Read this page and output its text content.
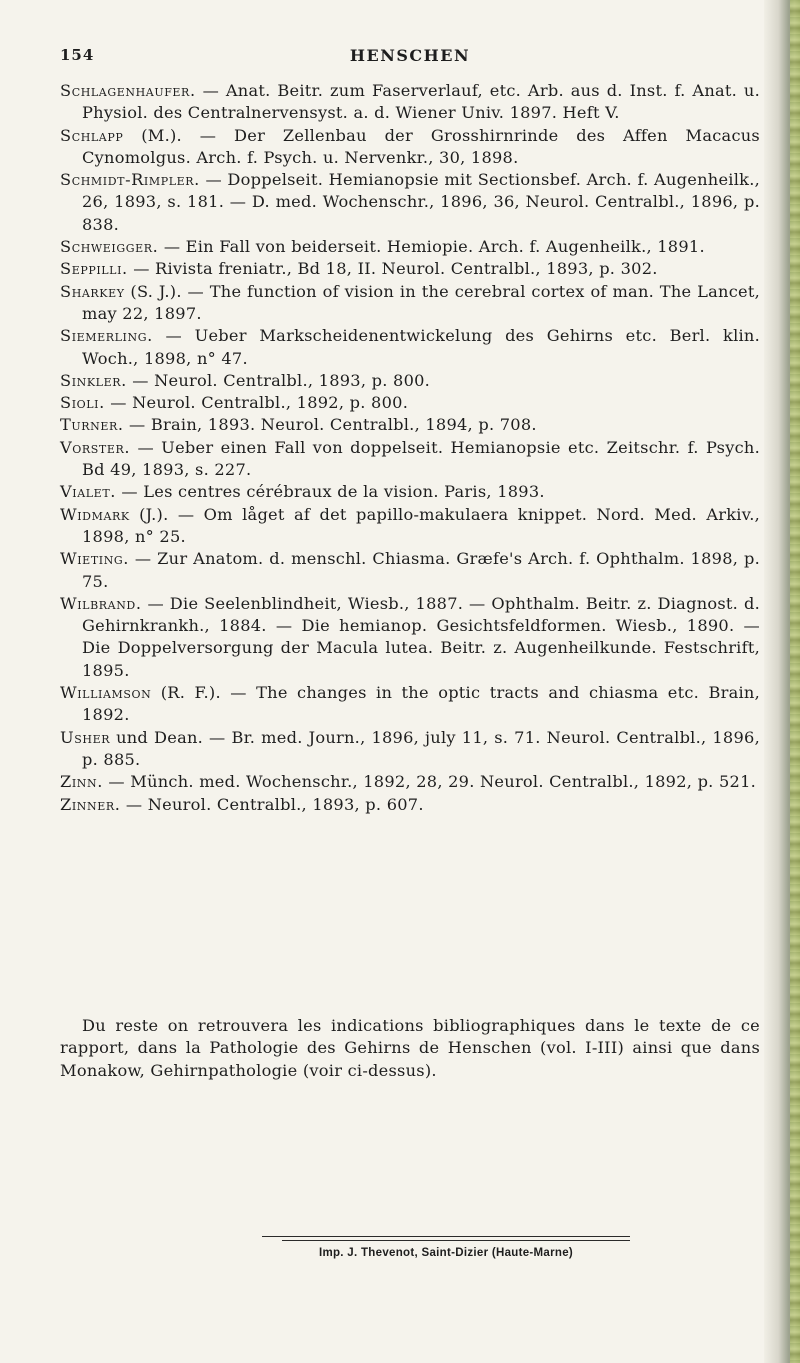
154	HENSCHEN

Schlagenhaufer. — Anat. Beitr. zum Faserverlauf, etc. Arb. aus d. Inst. f. Anat. u. Physiol. des Centralnervensyst. a. d. Wiener Univ. 1897. Heft V.

Schlapp (M.). — Der Zellenbau der Grosshirnrinde des Affen Macacus Cynomolgus. Arch. f. Psych. u. Nervenkr., 30, 1898.

Schmidt-Rimpler. — Doppelseit. Hemianopsie mit Sectionsbef. Arch. f. Augenheilk., 26, 1893, s. 181. — D. med. Wochenschr., 1896, 36, Neurol. Centralbl., 1896, p. 838.

Schweigger. — Ein Fall von beiderseit. Hemiopie. Arch. f. Augenheilk., 1891.

Seppilli. — Rivista freniatr., Bd 18, II. Neurol. Centralbl., 1893, p. 302.

Sharkey (S. J.). — The function of vision in the cerebral cortex of man. The Lancet, may 22, 1897.

Siemerling. — Ueber Markscheidenentwickelung des Gehirns etc. Berl. klin. Woch., 1898, n° 47.

Sinkler. — Neurol. Centralbl., 1893, p. 800.

Sioli. — Neurol. Centralbl., 1892, p. 800.

Turner. — Brain, 1893. Neurol. Centralbl., 1894, p. 708.

Vorster. — Ueber einen Fall von doppelseit. Hemianopsie etc. Zeitschr. f. Psych. Bd 49, 1893, s. 227.

Vialet. — Les centres cérébraux de la vision. Paris, 1893.

Widmark (J.). — Om låget af det papillo-makulaera knippet. Nord. Med. Arkiv., 1898, n° 25.

Wieting. — Zur Anatom. d. menschl. Chiasma. Græfe's Arch. f. Ophthalm. 1898, p. 75.

Wilbrand. — Die Seelenblindheit, Wiesb., 1887. — Ophthalm. Beitr. z. Diagnost. d. Gehirnkrankh., 1884. — Die hemianop. Gesichtsfeldformen. Wiesb., 1890. — Die Doppelversorgung der Macula lutea. Beitr. z. Augenheilkunde. Festschrift, 1895.

Williamson (R. F.). — The changes in the optic tracts and chiasma etc. Brain, 1892.

Usher und Dean. — Br. med. Journ., 1896, july 11, s. 71. Neurol. Centralbl., 1896, p. 885.

Zinn. — Münch. med. Wochenschr., 1892, 28, 29. Neurol. Centralbl., 1892, p. 521.

Zinner. — Neurol. Centralbl., 1893, p. 607.

Du reste on retrouvera les indications bibliographiques dans le texte de ce rapport, dans la Pathologie des Gehirns de Henschen (vol. I-III) ainsi que dans Monakow, Gehirnpathologie (voir ci-dessus).

Imp. J. Thevenot, Saint-Dizier (Haute-Marne)
